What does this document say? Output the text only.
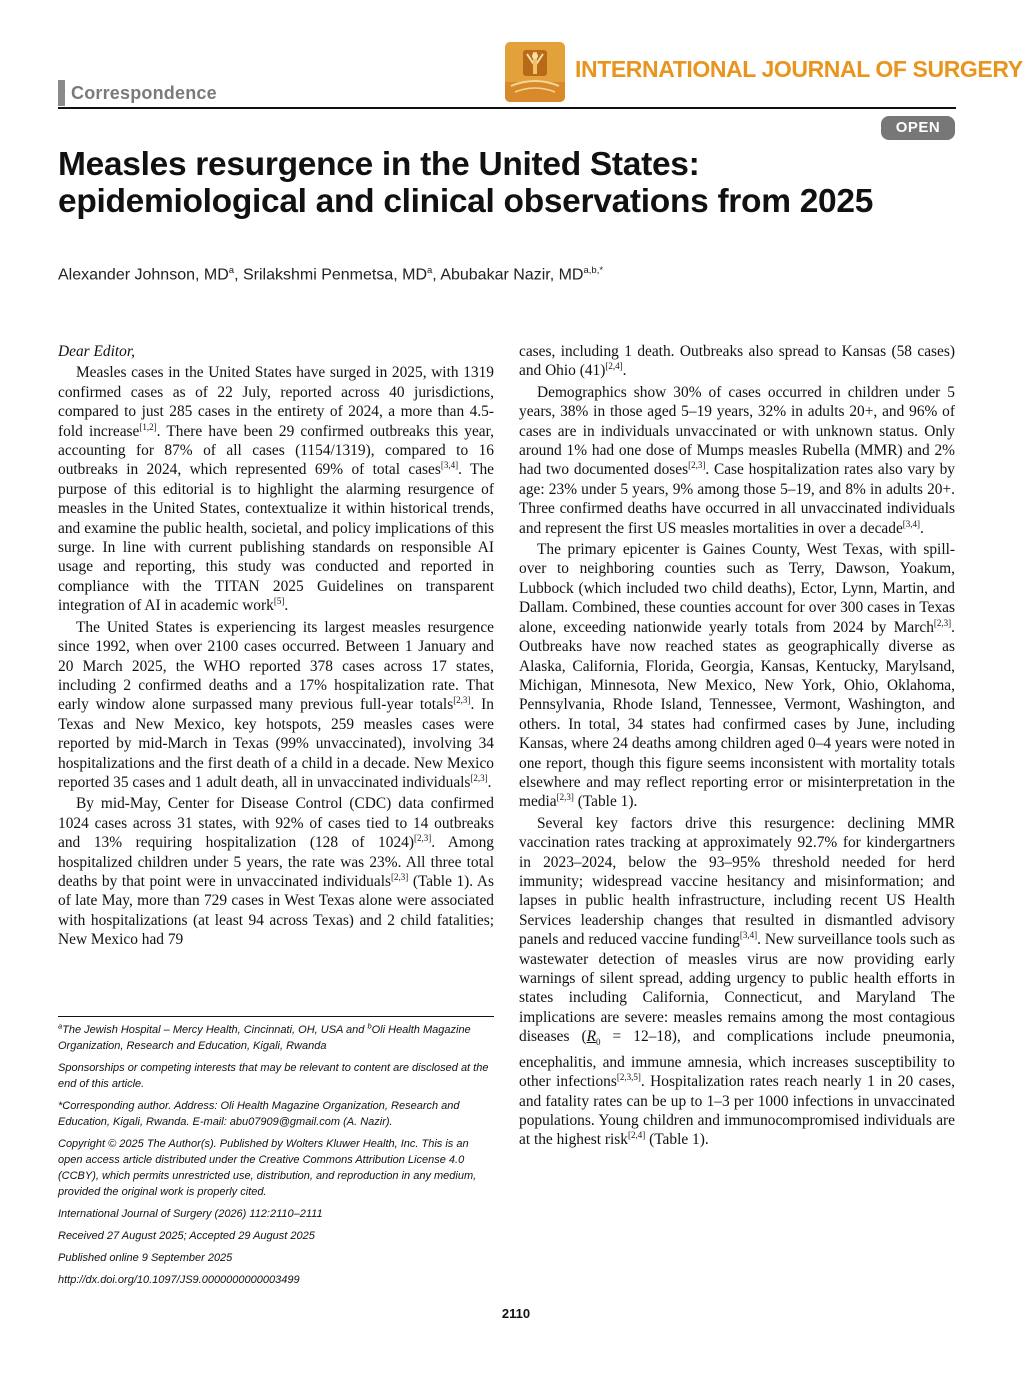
Correspondence
INTERNATIONAL JOURNAL OF SURGERY
OPEN
Measles resurgence in the United States: epidemiological and clinical observations from 2025
Alexander Johnson, $MD^a$, Srilakshmi Penmetsa, $MD^a$, Abubakar Nazir, $MD^{a,b,*}$

Dear Editor,

Measles cases in the United States have surged in 2025, with 1319 confirmed cases as of 22 July, reported across 40 jurisdictions, compared to just 285 cases in the entirety of 2024, a more than 4.5-fold increase[1,2]. There have been 29 confirmed outbreaks this year, accounting for 87% of all cases (1154/1319), compared to 16 outbreaks in 2024, which represented 69% of total cases[3,4]. The purpose of this editorial is to highlight the alarming resurgence of measles in the United States, contextualize it within historical trends, and examine the public health, societal, and policy implications of this surge. In line with current publishing standards on responsible AI usage and reporting, this study was conducted and reported in compliance with the TITAN 2025 Guidelines on transparent integration of AI in academic work[5].

The United States is experiencing its largest measles resurgence since 1992, when over 2100 cases occurred. Between 1 January and 20 March 2025, the WHO reported 378 cases across 17 states, including 2 confirmed deaths and a 17% hospitalization rate. That early window alone surpassed many previous full-year totals[2,3]. In Texas and New Mexico, key hotspots, 259 measles cases were reported by mid-March in Texas (99% unvaccinated), involving 34 hospitalizations and the first death of a child in a decade. New Mexico reported 35 cases and 1 adult death, all in unvaccinated individuals[2,3].

By mid-May, Center for Disease Control (CDC) data confirmed 1024 cases across 31 states, with 92% of cases tied to 14 outbreaks and 13% requiring hospitalization (128 of 1024)[2,3]. Among hospitalized children under 5 years, the rate was 23%. All three total deaths by that point were in unvaccinated individuals[2,3] (Table 1). As of late May, more than 729 cases in West Texas alone were associated with hospitalizations (at least 94 across Texas) and 2 child fatalities; New Mexico had 79

cases, including 1 death. Outbreaks also spread to Kansas (58 cases) and Ohio (41)[2,4].

Demographics show 30% of cases occurred in children under 5 years, 38% in those aged 5–19 years, 32% in adults 20+, and 96% of cases are in individuals unvaccinated or with unknown status. Only around 1% had one dose of Mumps measles Rubella (MMR) and 2% had two documented doses[2,3]. Case hospitalization rates also vary by age: 23% under 5 years, 9% among those 5–19, and 8% in adults 20+. Three confirmed deaths have occurred in all unvaccinated individuals and represent the first US measles mortalities in over a decade[3,4].

The primary epicenter is Gaines County, West Texas, with spill-over to neighboring counties such as Terry, Dawson, Yoakum, Lubbock (which included two child deaths), Ector, Lynn, Martin, and Dallam. Combined, these counties account for over 300 cases in Texas alone, exceeding nationwide yearly totals from 2024 by March[2,3]. Outbreaks have now reached states as geographically diverse as Alaska, California, Florida, Georgia, Kansas, Kentucky, Marylsand, Michigan, Minnesota, New Mexico, New York, Ohio, Oklahoma, Pennsylvania, Rhode Island, Tennessee, Vermont, Washington, and others. In total, 34 states had confirmed cases by June, including Kansas, where 24 deaths among children aged 0–4 years were noted in one report, though this figure seems inconsistent with mortality totals elsewhere and may reflect reporting error or misinterpretation in the media[2,3] (Table 1).

Several key factors drive this resurgence: declining MMR vaccination rates tracking at approximately 92.7% for kindergartners in 2023–2024, below the 93–95% threshold needed for herd immunity; widespread vaccine hesitancy and misinformation; and lapses in public health infrastructure, including recent US Health Services leadership changes that resulted in dismantled advisory panels and reduced vaccine funding[3,4]. New surveillance tools such as wastewater detection of measles virus are now providing early warnings of silent spread, adding urgency to public health efforts in states including California, Connecticut, and Maryland The implications are severe: measles remains among the most contagious diseases $(R_0 = 12-18)$, and complications include pneumonia, encephalitis, and immune amnesia, which increases susceptibility to other infections[2,3,5]. Hospitalization rates reach nearly 1 in 20 cases, and fatality rates can be up to 1–3 per 1000 infections in unvaccinated populations. Young children and immunocompromised individuals are at the highest risk[2,4] (Table 1).

$^a$The Jewish Hospital – Mercy Health, Cincinnati, OH, USA and $^b$Oli Health Magazine Organization, Research and Education, Kigali, Rwanda

Sponsorships or competing interests that may be relevant to content are disclosed at the end of this article.

*Corresponding author. Address: Oli Health Magazine Organization, Research and Education, Kigali, Rwanda. E-mail: abu07909@gmail.com (A. Nazir).

Copyright © 2025 The Author(s). Published by Wolters Kluwer Health, Inc. This is an open access article distributed under the Creative Commons Attribution License 4.0 (CCBY), which permits unrestricted use, distribution, and reproduction in any medium, provided the original work is properly cited.

International Journal of Surgery (2026) 112:2110–2111

Received 27 August 2025; Accepted 29 August 2025

Published online 9 September 2025

http://dx.doi.org/10.1097/JS9.0000000000003499

2110
